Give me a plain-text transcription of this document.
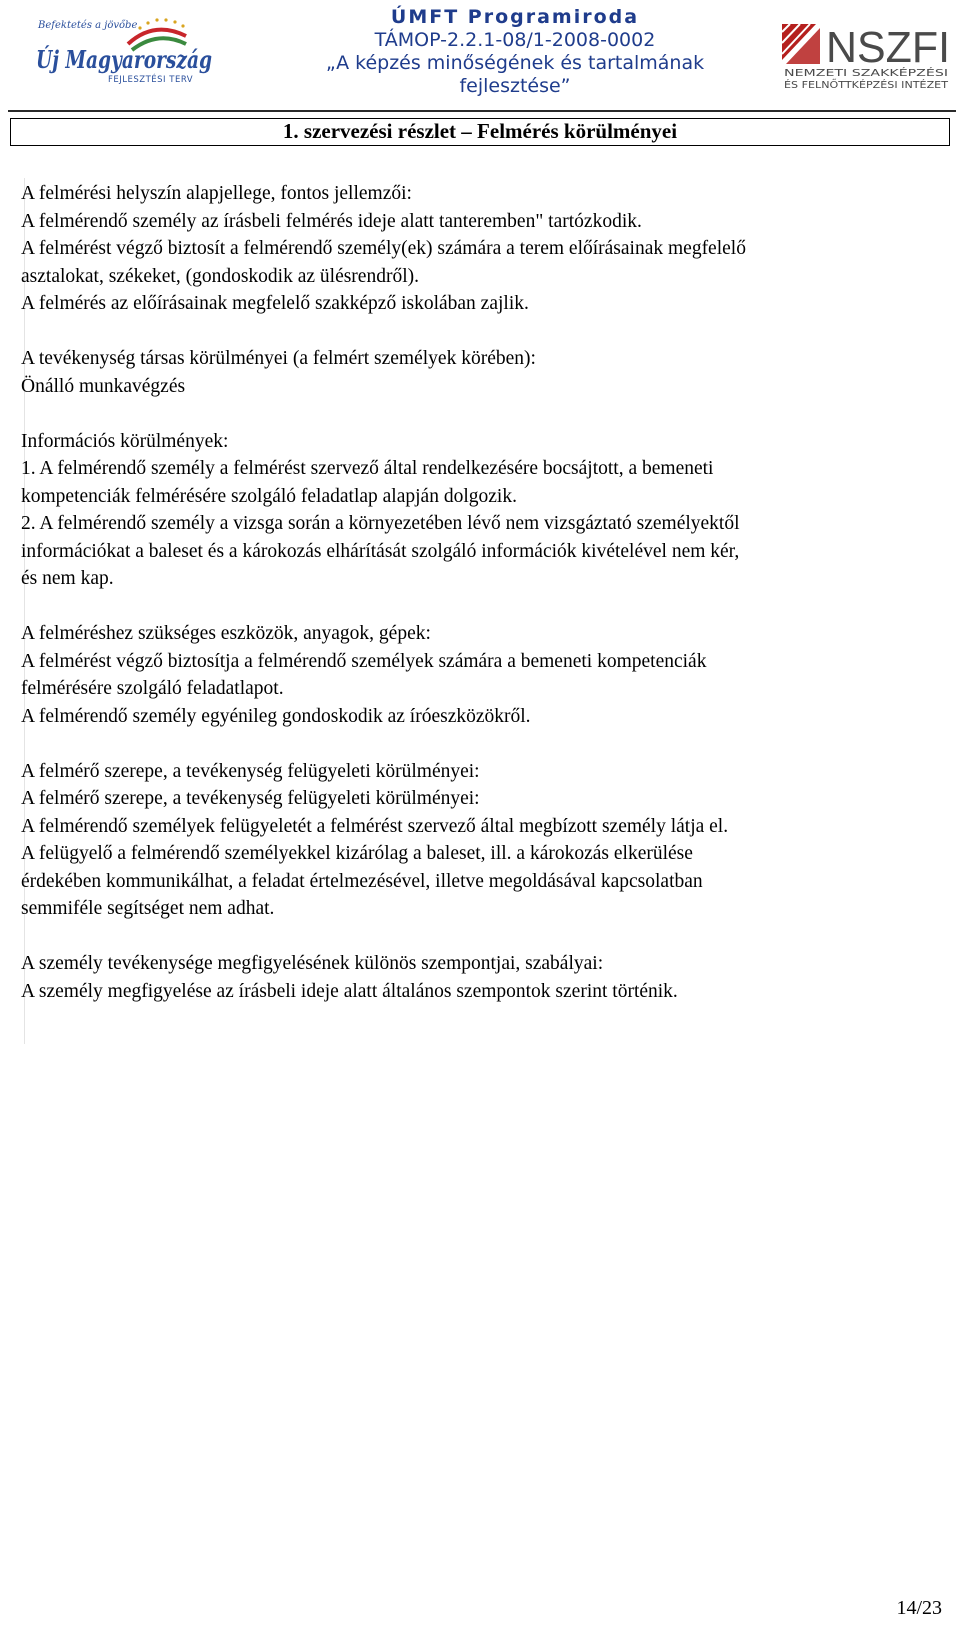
Befektetés a jövőbe
Új Magyarország
FEJLESZTÉSI TERV
ÚMFT Programiroda
TÁMOP-2.2.1-08/1-2008-0002
„A képzés minőségének és tartalmának
fejlesztése”
NSZFI
NEMZETI SZAKKÉPZÉSI
ÉS FELNŐTTKÉPZÉSI INTÉZET
1. szervezési részlet – Felmérés körülményei
A felmérési helyszín alapjellege, fontos jellemzői:
A felmérendő személy az írásbeli felmérés ideje alatt tanteremben" tartózkodik.
A felmérést végző biztosít a felmérendő személy(ek) számára a terem előírásainak megfelelő
asztalokat, székeket, (gondoskodik az ülésrendről).
A felmérés az előírásainak megfelelő szakképző iskolában zajlik.
A tevékenység társas körülményei (a felmért személyek körében):
Önálló munkavégzés
Információs körülmények:
1. A felmérendő személy a felmérést szervező által rendelkezésére bocsájtott, a bemeneti
kompetenciák felmérésére szolgáló feladatlap alapján dolgozik.
2. A felmérendő személy a vizsga során a környezetében lévő nem vizsgáztató személyektől
információkat a baleset és a károkozás elhárítását szolgáló információk kivételével nem kér,
és nem kap.
A felméréshez szükséges eszközök, anyagok, gépek:
A felmérést végző biztosítja a felmérendő személyek számára a bemeneti kompetenciák
felmérésére szolgáló feladatlapot.
A felmérendő személy egyénileg gondoskodik az íróeszközökről.
A felmérő szerepe, a tevékenység felügyeleti körülményei:
A felmérő szerepe, a tevékenység felügyeleti körülményei:
A felmérendő személyek felügyeletét a felmérést szervező által megbízott személy látja el.
A felügyelő a felmérendő személyekkel kizárólag a baleset, ill. a károkozás elkerülése
érdekében kommunikálhat, a feladat értelmezésével, illetve megoldásával kapcsolatban
semmiféle segítséget nem adhat.
A személy tevékenysége megfigyelésének különös szempontjai, szabályai:
A személy megfigyelése az írásbeli ideje alatt általános szempontok szerint történik.
14/23
